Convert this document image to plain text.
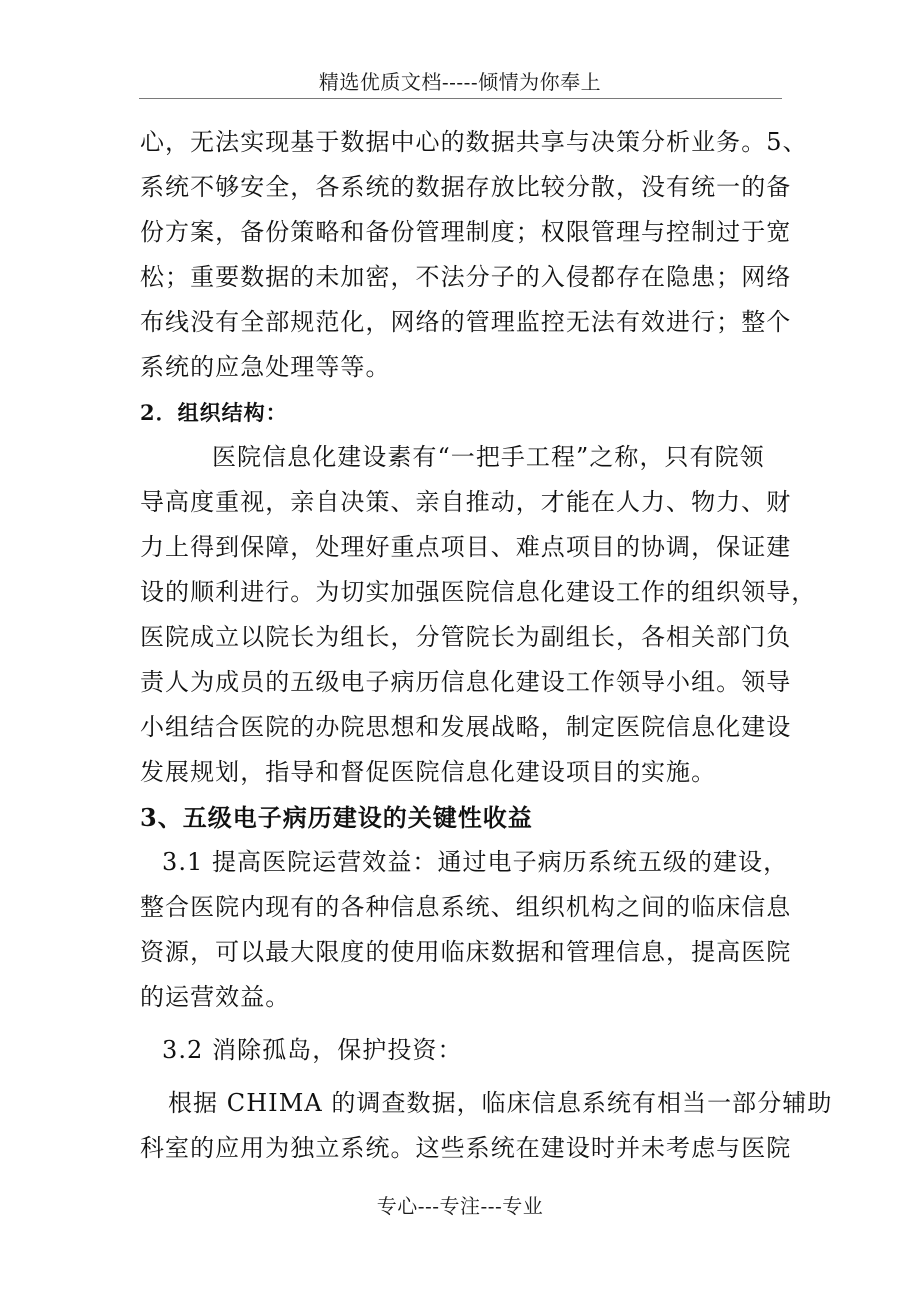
精选优质文档-----倾情为你奉上
心，无法实现基于数据中心的数据共享与决策分析业务。5、
系统不够安全，各系统的数据存放比较分散，没有统一的备
份方案，备份策略和备份管理制度；权限管理与控制过于宽
松；重要数据的未加密，不法分子的入侵都存在隐患；网络
布线没有全部规范化，网络的管理监控无法有效进行；整个
系统的应急处理等等。
2．组织结构：
医院信息化建设素有“一把手工程”之称，只有院领
导高度重视，亲自决策、亲自推动，才能在人力、物力、财
力上得到保障，处理好重点项目、难点项目的协调，保证建
设的顺利进行。为切实加强医院信息化建设工作的组织领导，
医院成立以院长为组长，分管院长为副组长，各相关部门负
责人为成员的五级电子病历信息化建设工作领导小组。领导
小组结合医院的办院思想和发展战略，制定医院信息化建设
发展规划，指导和督促医院信息化建设项目的实施。
3、五级电子病历建设的关键性收益
3.1 提高医院运营效益：通过电子病历系统五级的建设，
整合医院内现有的各种信息系统、组织机构之间的临床信息
资源，可以最大限度的使用临床数据和管理信息，提高医院
的运营效益。
3.2 消除孤岛，保护投资：
根据 CHIMA 的调查数据，临床信息系统有相当一部分辅助
科室的应用为独立系统。这些系统在建设时并未考虑与医院
专心---专注---专业
